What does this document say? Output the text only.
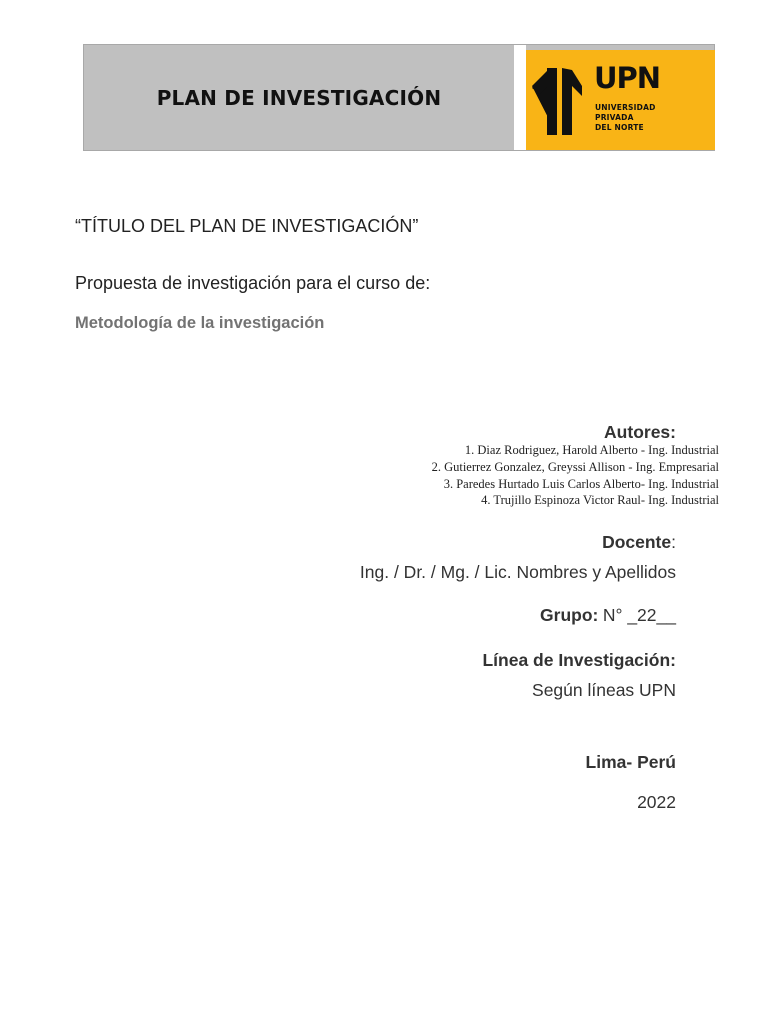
PLAN DE INVESTIGACIÓN
UPN
UNIVERSIDAD
PRIVADA
DEL NORTE
“TÍTULO DEL PLAN DE INVESTIGACIÓN”
Propuesta de investigación para el curso de:
Metodología de la investigación
Autores:
1. Diaz Rodriguez, Harold Alberto - Ing. Industrial
2. Gutierrez Gonzalez, Greyssi Allison - Ing. Empresarial
3. Paredes Hurtado Luis Carlos Alberto- Ing. Industrial
4. Trujillo Espinoza Victor Raul- Ing. Industrial
Docente:
Ing. / Dr. / Mg. / Lic. Nombres y Apellidos
Grupo: N° _22__
Línea de Investigación:
Según líneas UPN
Lima- Perú
2022
